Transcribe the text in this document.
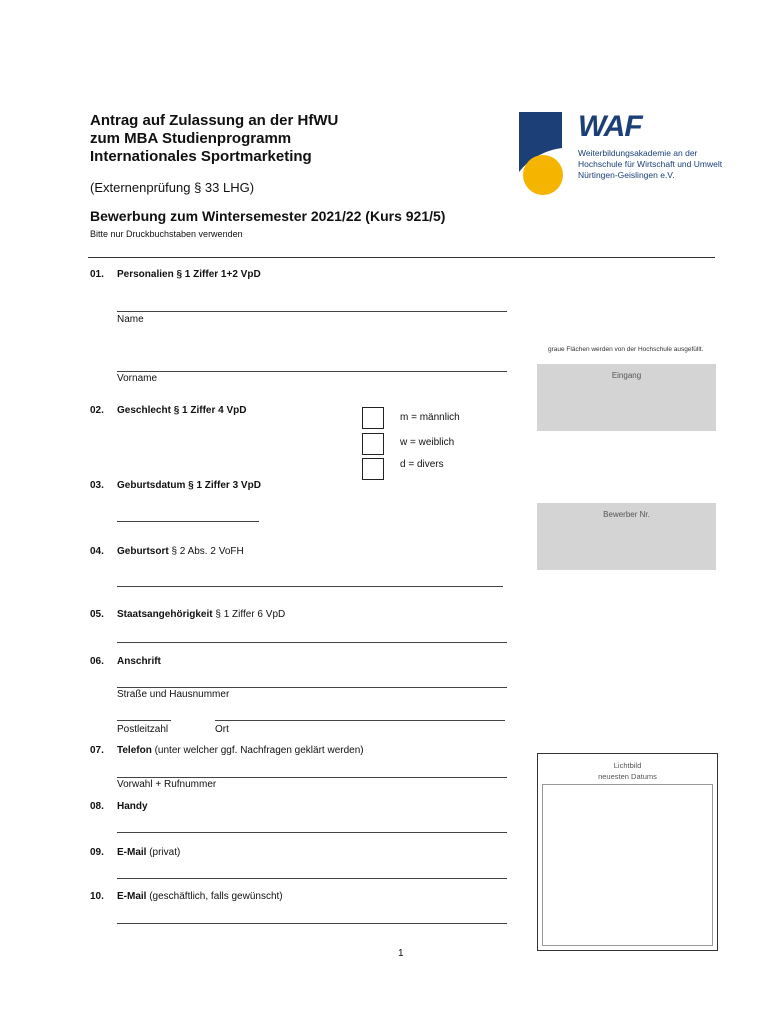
Antrag auf Zulassung an der HfWU
zum MBA Studienprogramm
Internationales Sportmarketing
(Externenprüfung § 33 LHG)
Bewerbung zum Wintersemester 2021/22 (Kurs 921/5)
Bitte nur Druckbuchstaben verwenden
WAF
Weiterbildungsakademie an der
Hochschule für Wirtschaft und Umwelt
Nürtingen-Geislingen e.V.
01. Personalien § 1 Ziffer 1+2 VpD
Name
Vorname
graue Flächen werden von der Hochschule ausgefüllt.
Eingang
02. Geschlecht § 1 Ziffer 4 VpD
m = männlich
w = weiblich
d = divers
03. Geburtsdatum § 1 Ziffer 3 VpD
Bewerber Nr.
04. Geburtsort § 2 Abs. 2 VoFH
05. Staatsangehörigkeit § 1 Ziffer 6 VpD
06. Anschrift
Straße und Hausnummer
Postleitzahl	Ort
07. Telefon (unter welcher ggf. Nachfragen geklärt werden)
Vorwahl + Rufnummer
08. Handy
09. E-Mail (privat)
10. E-Mail (geschäftlich, falls gewünscht)
Lichtbild
neuesten Datums
1
